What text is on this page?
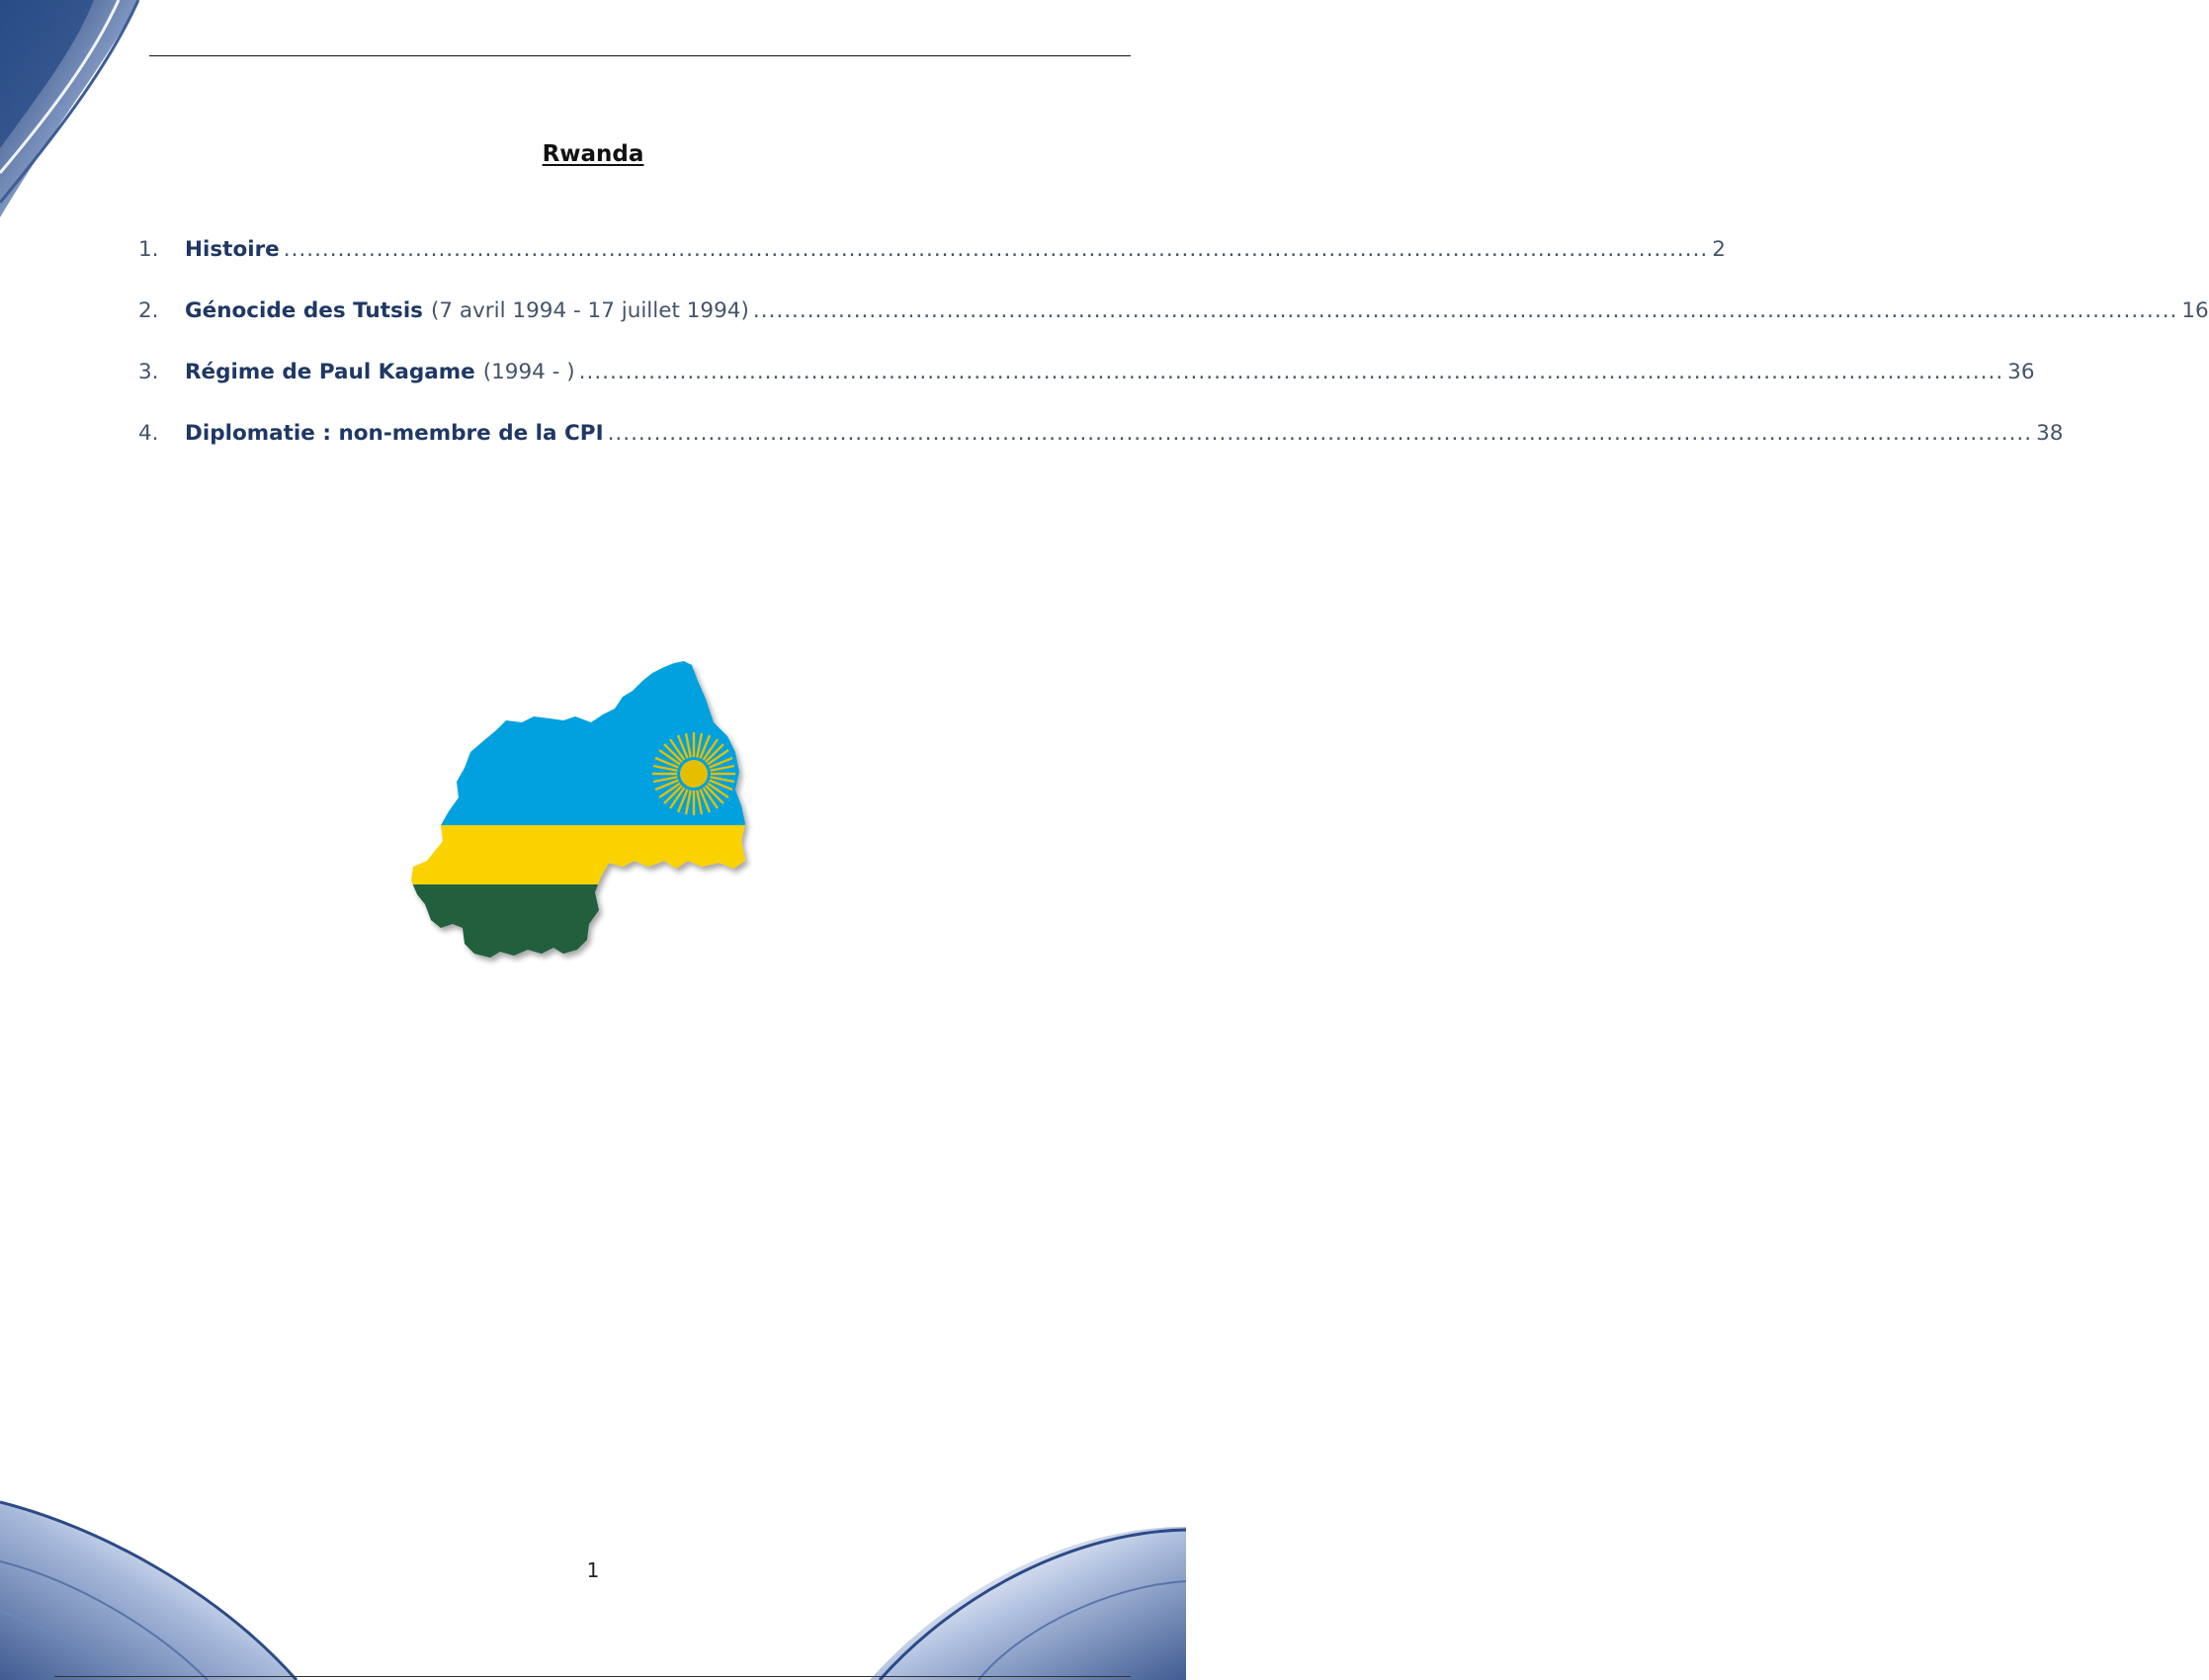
Rwanda
1.	Histoire ........................................................................................................................................................................................ 2
2.	Génocide des Tutsis (7 avril 1994 - 17 juillet 1994) ........................................................................................................................................................................................ 16
3.	Régime de Paul Kagame (1994 - ) ........................................................................................................................................................................................ 36
4.	Diplomatie : non-membre de la CPI ........................................................................................................................................................................................ 38
1
